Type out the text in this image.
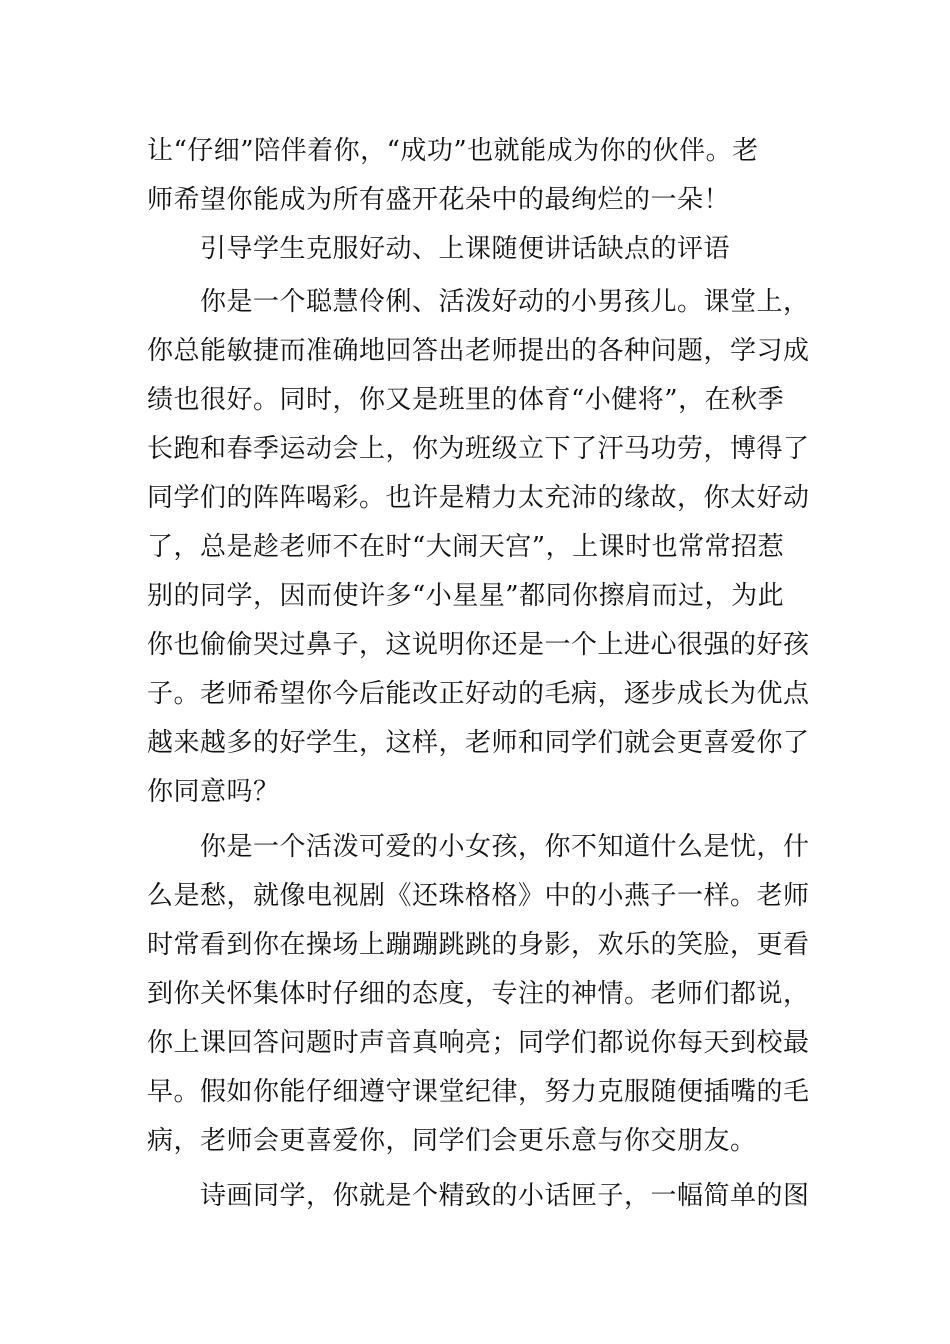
让“仔细”陪伴着你，“成功”也就能成为你的伙伴。老
师希望你能成为所有盛开花朵中的最绚烂的一朵！
引导学生克服好动、上课随便讲话缺点的评语
你是一个聪慧伶俐、活泼好动的小男孩儿。课堂上，
你总能敏捷而准确地回答出老师提出的各种问题，学习成
绩也很好。同时，你又是班里的体育“小健将”，在秋季
长跑和春季运动会上，你为班级立下了汗马功劳，博得了
同学们的阵阵喝彩。也许是精力太充沛的缘故，你太好动
了，总是趁老师不在时“大闹天宫”，上课时也常常招惹
别的同学，因而使许多“小星星”都同你擦肩而过，为此
你也偷偷哭过鼻子，这说明你还是一个上进心很强的好孩
子。老师希望你今后能改正好动的毛病，逐步成长为优点
越来越多的好学生，这样，老师和同学们就会更喜爱你了
你同意吗？
你是一个活泼可爱的小女孩，你不知道什么是忧，什
么是愁，就像电视剧《还珠格格》中的小燕子一样。老师
时常看到你在操场上蹦蹦跳跳的身影，欢乐的笑脸，更看
到你关怀集体时仔细的态度，专注的神情。老师们都说，
你上课回答问题时声音真响亮；同学们都说你每天到校最
早。假如你能仔细遵守课堂纪律，努力克服随便插嘴的毛
病，老师会更喜爱你，同学们会更乐意与你交朋友。
诗画同学，你就是个精致的小话匣子，一幅简单的图
